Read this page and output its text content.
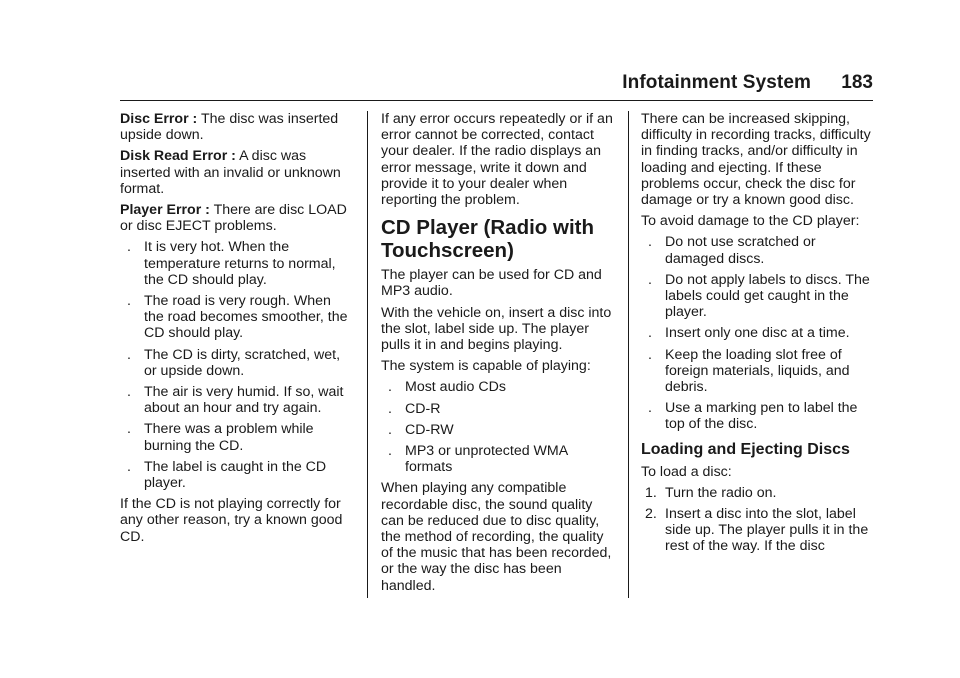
Infotainment System 183

Disc Error : The disc was inserted upside down.

Disk Read Error : A disc was inserted with an invalid or unknown format.

Player Error : There are disc LOAD or disc EJECT problems.

. It is very hot. When the temperature returns to normal, the CD should play.
. The road is very rough. When the road becomes smoother, the CD should play.
. The CD is dirty, scratched, wet, or upside down.
. The air is very humid. If so, wait about an hour and try again.
. There was a problem while burning the CD.
. The label is caught in the CD player.

If the CD is not playing correctly for any other reason, try a known good CD.

If any error occurs repeatedly or if an error cannot be corrected, contact your dealer. If the radio displays an error message, write it down and provide it to your dealer when reporting the problem.

CD Player (Radio with Touchscreen)

The player can be used for CD and MP3 audio.

With the vehicle on, insert a disc into the slot, label side up. The player pulls it in and begins playing.

The system is capable of playing:

. Most audio CDs
. CD-R
. CD-RW
. MP3 or unprotected WMA formats

When playing any compatible recordable disc, the sound quality can be reduced due to disc quality, the method of recording, the quality of the music that has been recorded, or the way the disc has been handled.

There can be increased skipping, difficulty in recording tracks, difficulty in finding tracks, and/or difficulty in loading and ejecting. If these problems occur, check the disc for damage or try a known good disc.

To avoid damage to the CD player:

. Do not use scratched or damaged discs.
. Do not apply labels to discs. The labels could get caught in the player.
. Insert only one disc at a time.
. Keep the loading slot free of foreign materials, liquids, and debris.
. Use a marking pen to label the top of the disc.
Loading and Ejecting Discs

To load a disc:

1. Turn the radio on.
2. Insert a disc into the slot, label side up. The player pulls it in the rest of the way. If the disc
